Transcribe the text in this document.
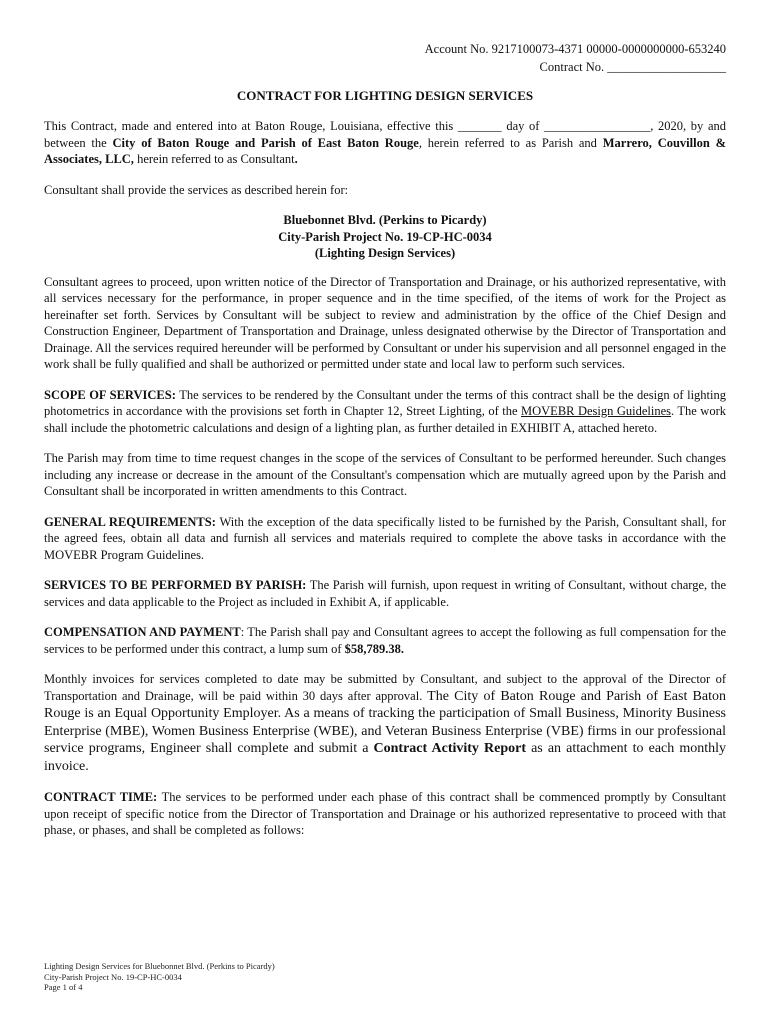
Account No. 9217100073-4371 00000-0000000000-653240
Contract No. ___________________
CONTRACT FOR LIGHTING DESIGN SERVICES

This Contract, made and entered into at Baton Rouge, Louisiana, effective this _______ day of _________________, 2020, by and between the City of Baton Rouge and Parish of East Baton Rouge, herein referred to as Parish and Marrero, Couvillon & Associates, LLC, herein referred to as Consultant.

Consultant shall provide the services as described herein for:

Bluebonnet Blvd. (Perkins to Picardy)
City-Parish Project No. 19-CP-HC-0034
(Lighting Design Services)

Consultant agrees to proceed, upon written notice of the Director of Transportation and Drainage, or his authorized representative, with all services necessary for the performance, in proper sequence and in the time specified, of the items of work for the Project as hereinafter set forth. Services by Consultant will be subject to review and administration by the office of the Chief Design and Construction Engineer, Department of Transportation and Drainage, unless designated otherwise by the Director of Transportation and Drainage. All the services required hereunder will be performed by Consultant or under his supervision and all personnel engaged in the work shall be fully qualified and shall be authorized or permitted under state and local law to perform such services.

SCOPE OF SERVICES: The services to be rendered by the Consultant under the terms of this contract shall be the design of lighting photometrics in accordance with the provisions set forth in Chapter 12, Street Lighting, of the MOVEBR Design Guidelines. The work shall include the photometric calculations and design of a lighting plan, as further detailed in EXHIBIT A, attached hereto.

The Parish may from time to time request changes in the scope of the services of Consultant to be performed hereunder. Such changes including any increase or decrease in the amount of the Consultant's compensation which are mutually agreed upon by the Parish and Consultant shall be incorporated in written amendments to this Contract.

GENERAL REQUIREMENTS: With the exception of the data specifically listed to be furnished by the Parish, Consultant shall, for the agreed fees, obtain all data and furnish all services and materials required to complete the above tasks in accordance with the MOVEBR Program Guidelines.

SERVICES TO BE PERFORMED BY PARISH: The Parish will furnish, upon request in writing of Consultant, without charge, the services and data applicable to the Project as included in Exhibit A, if applicable.

COMPENSATION AND PAYMENT: The Parish shall pay and Consultant agrees to accept the following as full compensation for the services to be performed under this contract, a lump sum of $58,789.38.

Monthly invoices for services completed to date may be submitted by Consultant, and subject to the approval of the Director of Transportation and Drainage, will be paid within 30 days after approval. The City of Baton Rouge and Parish of East Baton Rouge is an Equal Opportunity Employer. As a means of tracking the participation of Small Business, Minority Business Enterprise (MBE), Women Business Enterprise (WBE), and Veteran Business Enterprise (VBE) firms in our professional service programs, Engineer shall complete and submit a Contract Activity Report as an attachment to each monthly invoice.

CONTRACT TIME: The services to be performed under each phase of this contract shall be commenced promptly by Consultant upon receipt of specific notice from the Director of Transportation and Drainage or his authorized representative to proceed with that phase, or phases, and shall be completed as follows:

Lighting Design Services for Bluebonnet Blvd. (Perkins to Picardy)
City-Parish Project No. 19-CP-HC-0034
Page 1 of 4
